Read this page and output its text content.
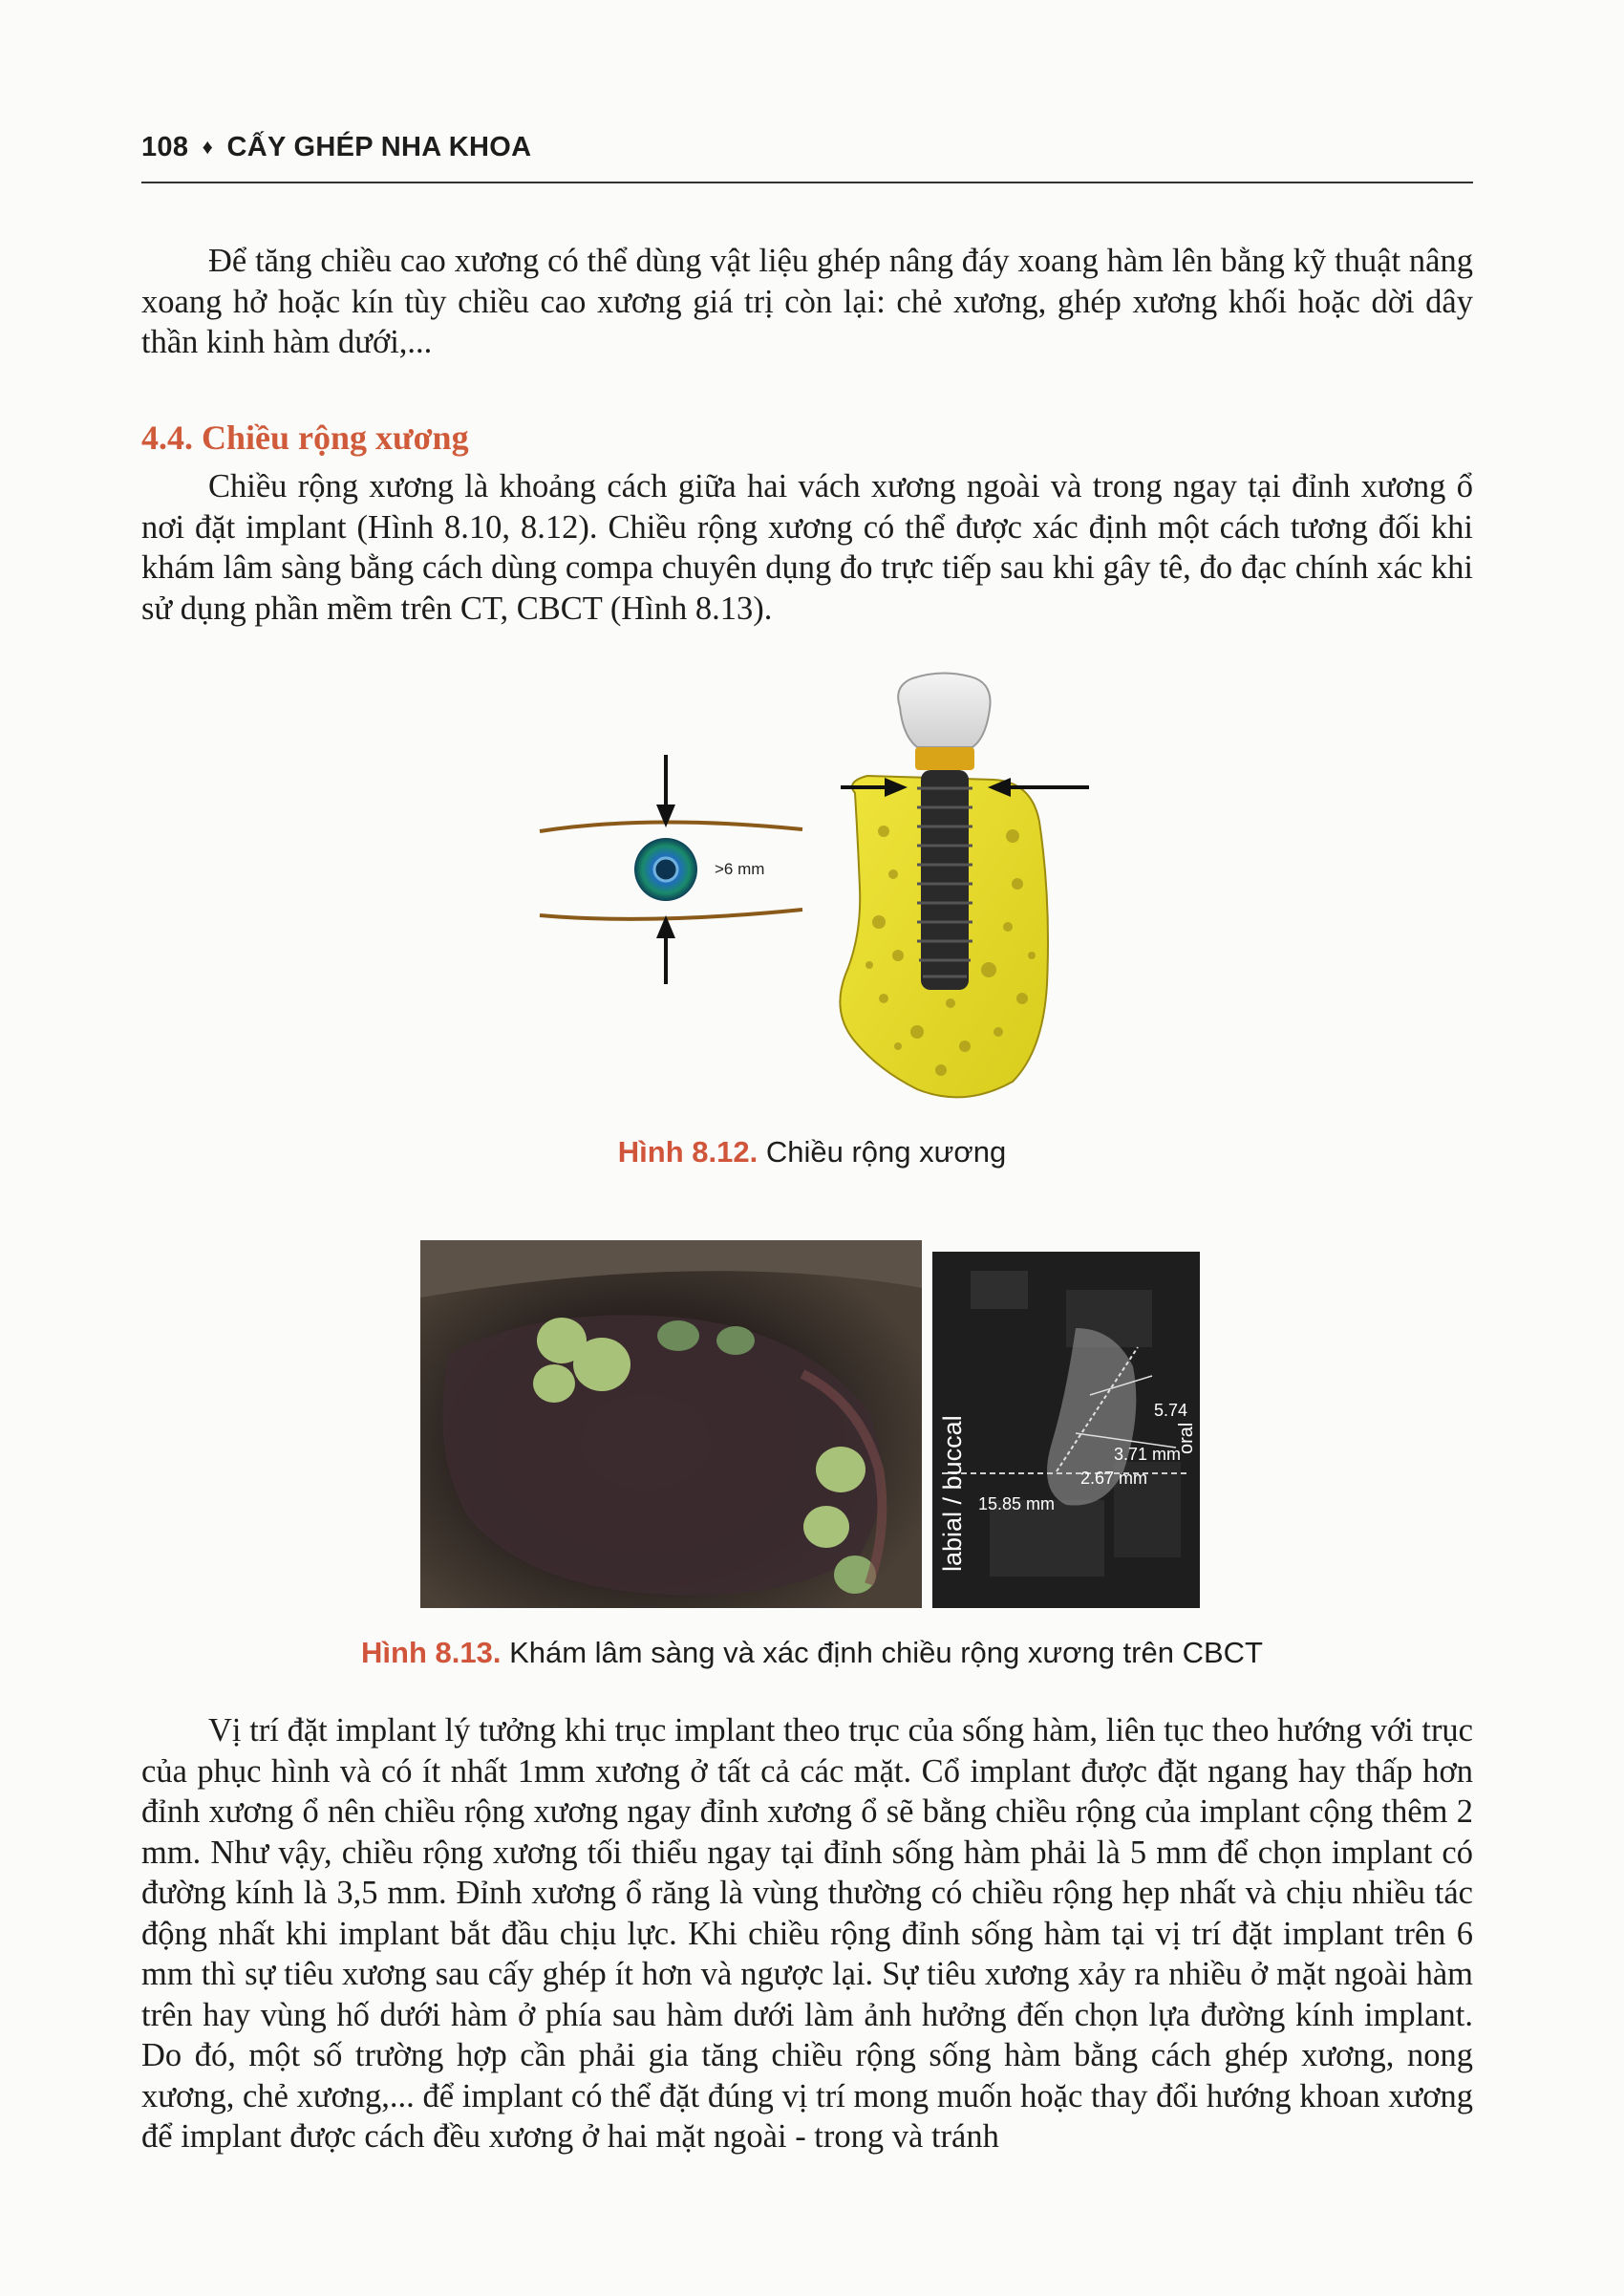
108 ♦ CẤY GHÉP NHA KHOA

Để tăng chiều cao xương có thể dùng vật liệu ghép nâng đáy xoang hàm lên bằng kỹ thuật nâng xoang hở hoặc kín tùy chiều cao xương giá trị còn lại: chẻ xương, ghép xương khối hoặc dời dây thần kinh hàm dưới,...

4.4. Chiều rộng xương

Chiều rộng xương là khoảng cách giữa hai vách xương ngoài và trong ngay tại đỉnh xương ổ nơi đặt implant (Hình 8.10, 8.12). Chiều rộng xương có thể được xác định một cách tương đối khi khám lâm sàng bằng cách dùng compa chuyên dụng đo trực tiếp sau khi gây tê, đo đạc chính xác khi sử dụng phần mềm trên CT, CBCT (Hình 8.13).

>6 mm
Hình 8.12. Chiều rộng xương
labial / buccal	oral
5.74
3.71 mm
2.67 mm
15.85 mm
Hình 8.13. Khám lâm sàng và xác định chiều rộng xương trên CBCT

Vị trí đặt implant lý tưởng khi trục implant theo trục của sống hàm, liên tục theo hướng với trục của phục hình và có ít nhất 1mm xương ở tất cả các mặt. Cổ implant được đặt ngang hay thấp hơn đỉnh xương ổ nên chiều rộng xương ngay đỉnh xương ổ sẽ bằng chiều rộng của implant cộng thêm 2 mm. Như vậy, chiều rộng xương tối thiểu ngay tại đỉnh sống hàm phải là 5 mm để chọn implant có đường kính là 3,5 mm. Đỉnh xương ổ răng là vùng thường có chiều rộng hẹp nhất và chịu nhiều tác động nhất khi implant bắt đầu chịu lực. Khi chiều rộng đỉnh sống hàm tại vị trí đặt implant trên 6 mm thì sự tiêu xương sau cấy ghép ít hơn và ngược lại. Sự tiêu xương xảy ra nhiều ở mặt ngoài hàm trên hay vùng hố dưới hàm ở phía sau hàm dưới làm ảnh hưởng đến chọn lựa đường kính implant. Do đó, một số trường hợp cần phải gia tăng chiều rộng sống hàm bằng cách ghép xương, nong xương, chẻ xương,... để implant có thể đặt đúng vị trí mong muốn hoặc thay đổi hướng khoan xương để implant được cách đều xương ở hai mặt ngoài - trong và tránh
